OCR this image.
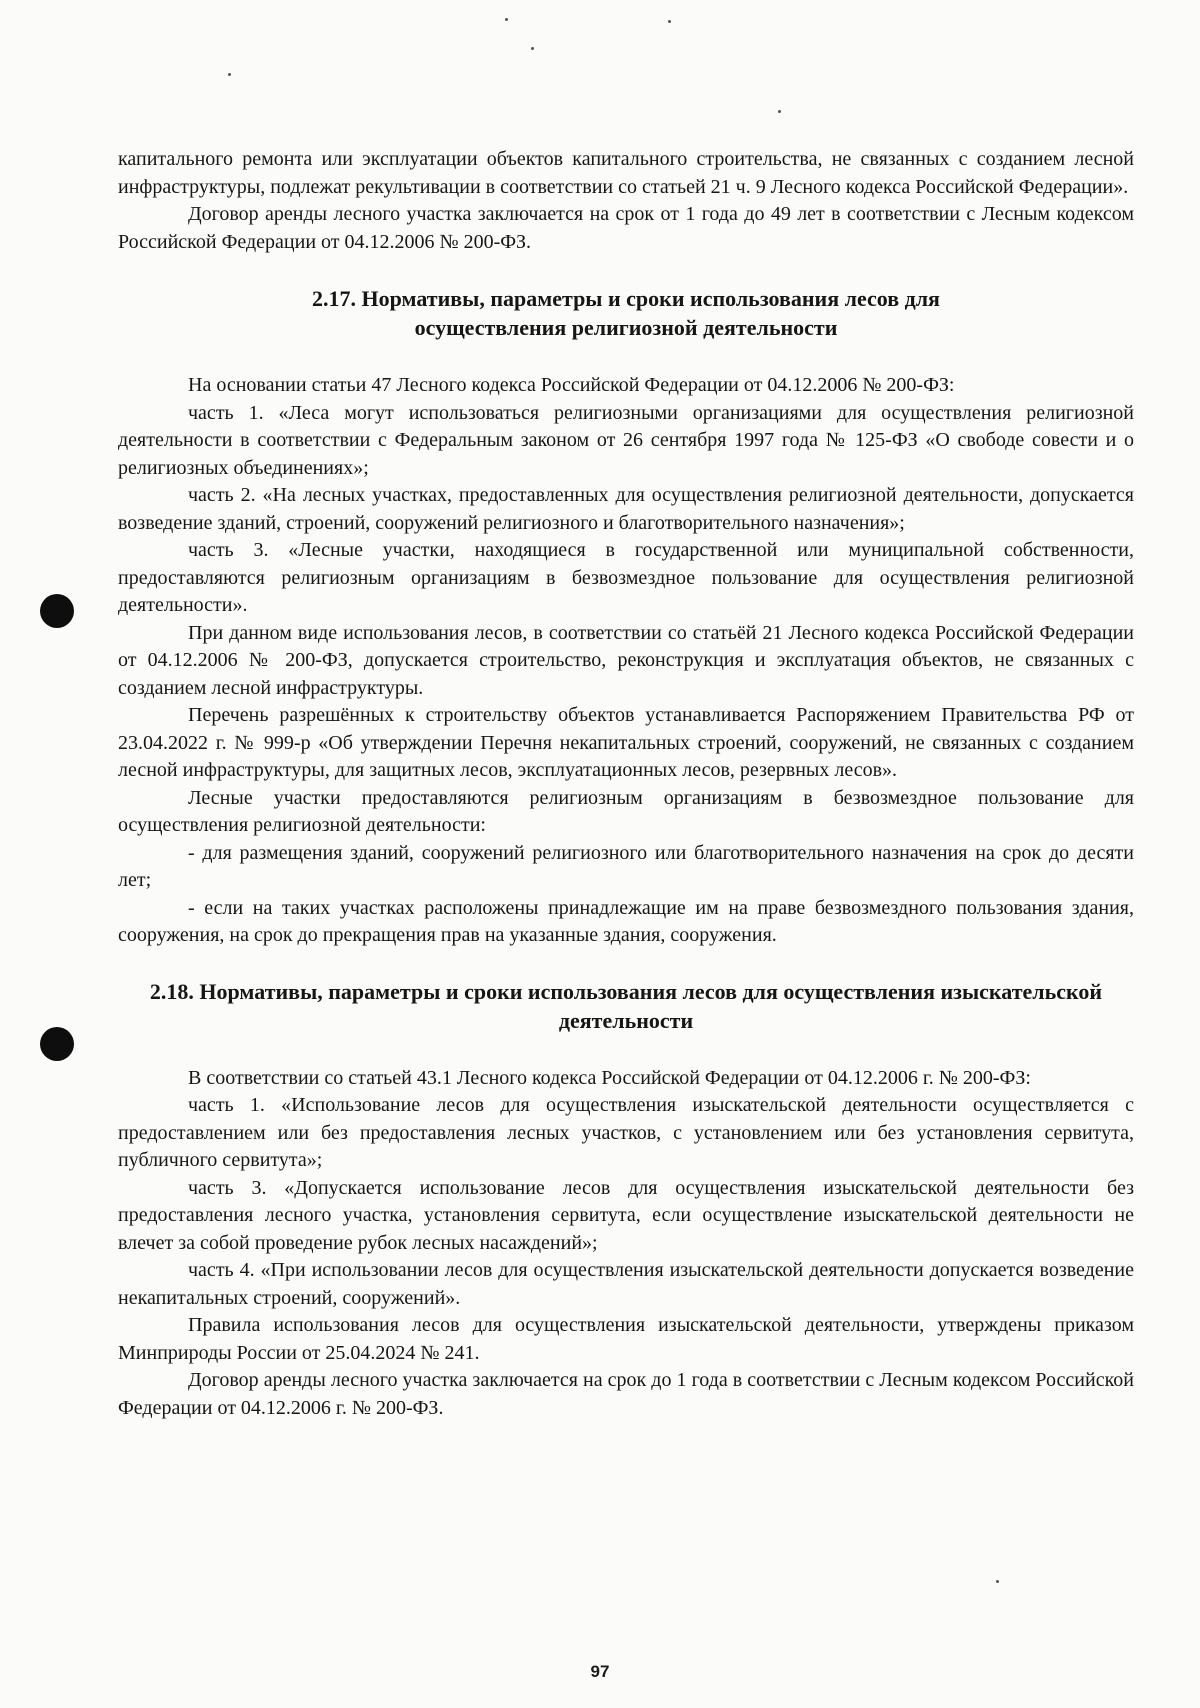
капитального ремонта или эксплуатации объектов капитального строительства, не связанных с созданием лесной инфраструктуры, подлежат рекультивации в соответствии со статьей 21 ч. 9 Лесного кодекса Российской Федерации».

Договор аренды лесного участка заключается на срок от 1 года до 49 лет в соответствии с Лесным кодексом Российской Федерации от 04.12.2006 № 200-ФЗ.

2.17. Нормативы, параметры и сроки использования лесов для осуществления религиозной деятельности

На основании статьи 47 Лесного кодекса Российской Федерации от 04.12.2006 № 200-ФЗ:

часть 1. «Леса могут использоваться религиозными организациями для осуществления религиозной деятельности в соответствии с Федеральным законом от 26 сентября 1997 года № 125-ФЗ «О свободе совести и о религиозных объединениях»;

часть 2. «На лесных участках, предоставленных для осуществления религиозной деятельности, допускается возведение зданий, строений, сооружений религиозного и благотворительного назначения»;

часть 3. «Лесные участки, находящиеся в государственной или муниципальной собственности, предоставляются религиозным организациям в безвозмездное пользование для осуществления религиозной деятельности».

При данном виде использования лесов, в соответствии со статьёй 21 Лесного кодекса Российской Федерации от 04.12.2006 № 200-ФЗ, допускается строительство, реконструкция и эксплуатация объектов, не связанных с созданием лесной инфраструктуры.

Перечень разрешённых к строительству объектов устанавливается Распоряжением Правительства РФ от 23.04.2022 г. № 999-р «Об утверждении Перечня некапитальных строений, сооружений, не связанных с созданием лесной инфраструктуры, для защитных лесов, эксплуатационных лесов, резервных лесов».

Лесные участки предоставляются религиозным организациям в безвозмездное пользование для осуществления религиозной деятельности:

- для размещения зданий, сооружений религиозного или благотворительного назначения на срок до десяти лет;

- если на таких участках расположены принадлежащие им на праве безвозмездного пользования здания, сооружения, на срок до прекращения прав на указанные здания, сооружения.

2.18. Нормативы, параметры и сроки использования лесов для осуществления изыскательской деятельности

В соответствии со статьей 43.1 Лесного кодекса Российской Федерации от 04.12.2006 г. № 200-ФЗ:

часть 1. «Использование лесов для осуществления изыскательской деятельности осуществляется с предоставлением или без предоставления лесных участков, с установлением или без установления сервитута, публичного сервитута»;

часть 3. «Допускается использование лесов для осуществления изыскательской деятельности без предоставления лесного участка, установления сервитута, если осуществление изыскательской деятельности не влечет за собой проведение рубок лесных насаждений»;

часть 4. «При использовании лесов для осуществления изыскательской деятельности допускается возведение некапитальных строений, сооружений».

Правила использования лесов для осуществления изыскательской деятельности, утверждены приказом Минприроды России от 25.04.2024 № 241.

Договор аренды лесного участка заключается на срок до 1 года в соответствии с Лесным кодексом Российской Федерации от 04.12.2006 г. № 200-ФЗ.

97
